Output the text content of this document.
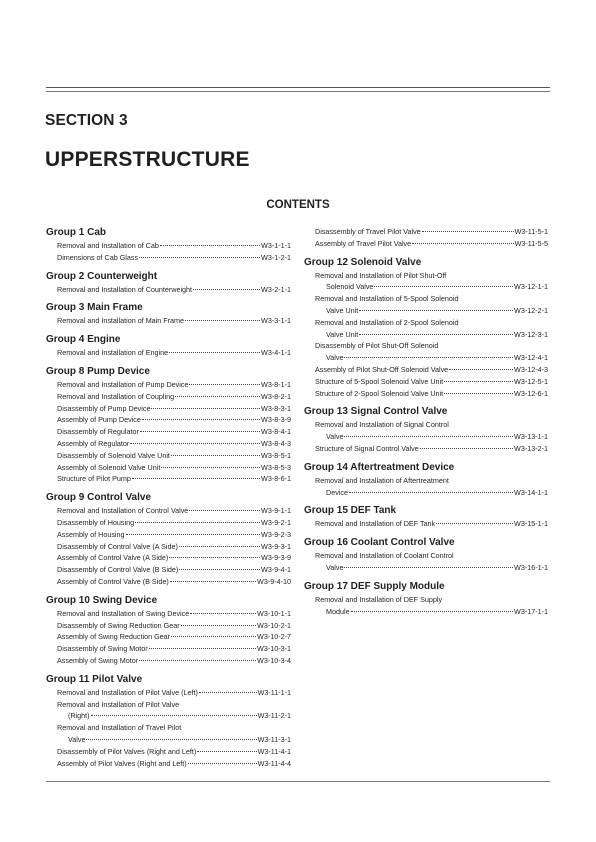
SECTION 3
UPPERSTRUCTURE
CONTENTS
Group 1 Cab
Removal and Installation of Cab	W3-1-1-1
Dimensions of Cab Glass	W3-1-2-1
Group 2 Counterweight
Removal and Installation of Counterweight	W3-2-1-1
Group 3 Main Frame
Removal and Installation of Main Frame	W3-3-1-1
Group 4 Engine
Removal and Installation of Engine	W3-4-1-1
Group 8 Pump Device
Removal and Installation of Pump Device	W3-8-1-1
Removal and Installation of Coupling	W3-8-2-1
Disassembly of Pump Device	W3-8-3-1
Assembly of Pump Device	W3-8-3-9
Disassembly of Regulator	W3-8-4-1
Assembly of Regulator	W3-8-4-3
Disassembly of Solenoid Valve Unit	W3-8-5-1
Assembly of Solenoid Valve Unit	W3-8-5-3
Structure of Pilot Pump	W3-8-6-1
Group 9 Control Valve
Removal and Installation of Control Valve	W3-9-1-1
Disassembly of Housing	W3-9-2-1
Assembly of Housing	W3-9-2-3
Disassembly of Control Valve (A Side)	W3-9-3-1
Assembly of Control Valve (A Side)	W3-9-3-9
Disassembly of Control Valve (B Side)	W3-9-4-1
Assembly of Control Valve (B Side)	W3-9-4-10
Group 10 Swing Device
Removal and Installation of Swing Device	W3-10-1-1
Disassembly of Swing Reduction Gear	W3-10-2-1
Assembly of Swing Reduction Gear	W3-10-2-7
Disassembly of Swing Motor	W3-10-3-1
Assembly of Swing Motor	W3-10-3-4
Group 11 Pilot Valve
Removal and Installation of Pilot Valve (Left)	W3-11-1-1
Removal and Installation of Pilot Valve
(Right)	W3-11-2-1
Removal and Installation of Travel Pilot
Valve	W3-11-3-1
Disassembly of Pilot Valves (Right and Left)	W3-11-4-1
Assembly of Pilot Valves (Right and Left)	W3-11-4-4
Disassembly of Travel Pilot Valve	W3-11-5-1
Assembly of Travel Pilot Valve	W3-11-5-5
Group 12 Solenoid Valve
Removal and Installation of Pilot Shut-Off
Solenoid Valve	W3-12-1-1
Removal and Installation of 5-Spool Solenoid
Valve Unit	W3-12-2-1
Removal and Installation of 2-Spool Solenoid
Valve Unit	W3-12-3-1
Disassembly of Pilot Shut-Off Solenoid
Valve	W3-12-4-1
Assembly of Pilot Shut-Off Solenoid Valve	W3-12-4-3
Structure of 5-Spool Solenoid Valve Unit	W3-12-5-1
Structure of 2-Spool Solenoid Valve Unit	W3-12-6-1
Group 13 Signal Control Valve
Removal and Installation of Signal Control
Valve	W3-13-1-1
Structure of Signal Control Valve	W3-13-2-1
Group 14 Aftertreatment Device
Removal and Installation of Aftertreatment
Device	W3-14-1-1
Group 15 DEF Tank
Removal and Installation of DEF Tank	W3-15-1-1
Group 16 Coolant Control Valve
Removal and Installation of Coolant Control
Valve	W3-16-1-1
Group 17 DEF Supply Module
Removal and Installation of DEF Supply
Module	W3-17-1-1
